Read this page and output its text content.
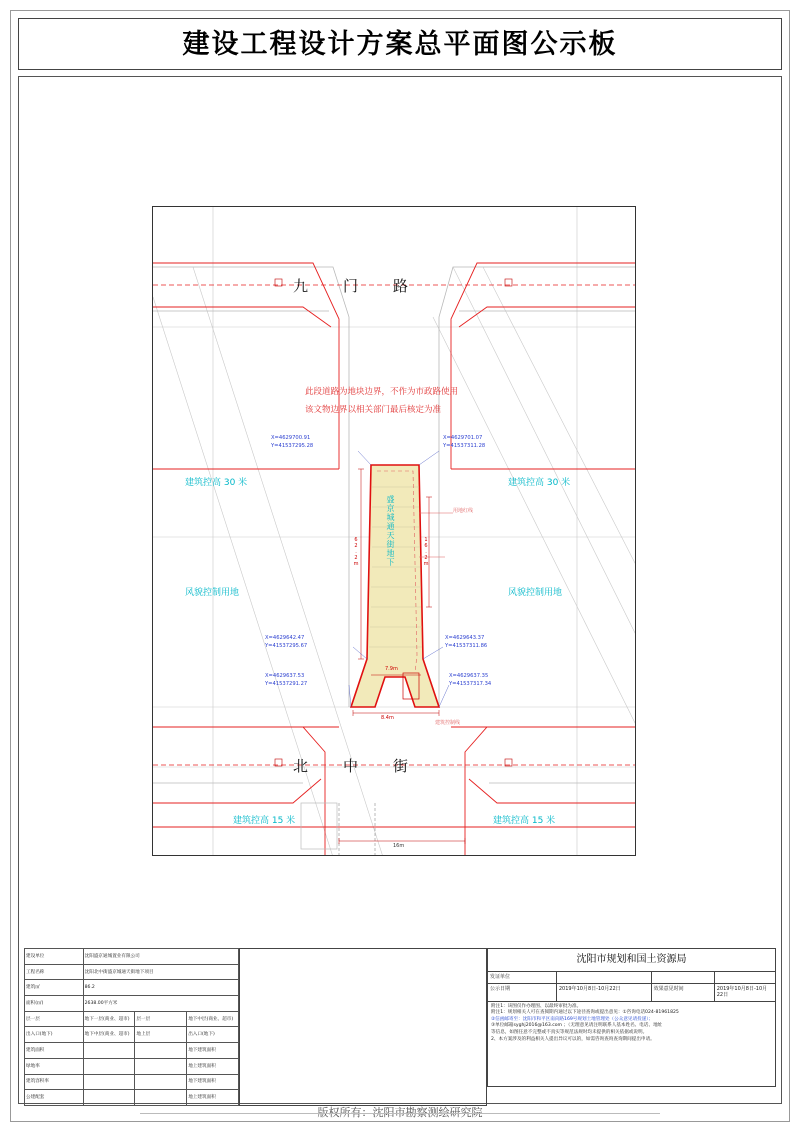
建设工程设计方案总平面图公示板
九　门　路
北　中　街
此段道路为地块边界，不作为市政路使用
该文物边界以相关部门最后核定为准
建筑控高 30 米	建筑控高 30 米
风貌控制用地	风貌控制用地
建筑控高 15 米	建筑控高 15 米
盛京城通天街地下	用地红线
建筑控制线
X=4629700.91
Y=41537295.28
X=4629701.07
Y=41537311.28
X=4629642.47
Y=41537295.67
X=4629643.37
Y=41537311.86
X=4629637.53
Y=41537291.27
X=4629637.35
Y=41537317.34
7.9m
8.4m
16m
62.2m	16.2m
建设单位	沈阳盛京通城置业有限公司		
工程名称	沈阳北中街盛京城通天街地下项目		
建筑㎡	86.2		
面积(㎡)	2638.00平方米		
层一层	地下一层(商业、超市)	层一层	地下中层(商业、超市)
出入口(地下)	地下中层(商业、超市)	地上层	出入口(地下)
建筑面积			地下建筑面积
绿地率			地上建筑面积
建筑容积率			地下建筑面积
公建配套			地上建筑面积
沈阳市规划和国土资源局
发证单位
公示日期	2019年10月8日-10月22日	效果意见时间	2019年10月8日-10月22日
附注1：该图仅作办理图、以最终审批为准。
附注1：规划相关人可在查阅期内通过以下途径查询或提出意见：①咨询电话024-81961825
②信函邮寄至：沈阳市和平区南向路169号规划土地管理处（公众意见请投递）；
③单位邮箱syghj2016@163.com ；（无理意见请注明联系人基本姓名、电话、地址
等信息，如图任意不完整或不真实等规范法规时均未提供的相关依据或说明。
2、本方案涉及的利益相关人提出异议可以的，如需咨询查询查询期间提出申请。
版权所有：沈阳市勘察测绘研究院
